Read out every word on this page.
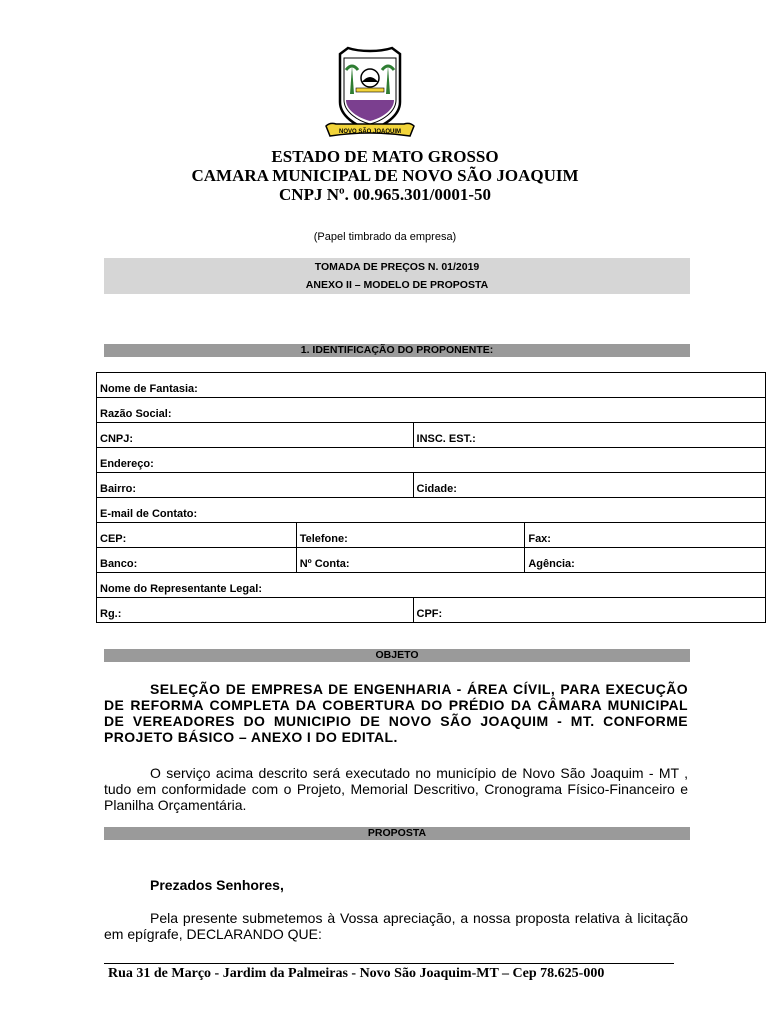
NOVO SÃO JOAQUIM
ESTADO DE MATO GROSSO
CAMARA MUNICIPAL DE NOVO SÃO JOAQUIM
CNPJ Nº. 00.965.301/0001-50
(Papel timbrado da empresa)
TOMADA DE PREÇOS N. 01/2019
ANEXO II – MODELO DE PROPOSTA
1. IDENTIFICAÇÃO DO PROPONENTE:
Nome de Fantasia:			
Razão Social:			
CNPJ:		INSC. EST.:	
Endereço:			
Bairro:		Cidade:	
E-mail de Contato:			
CEP:	Telefone:		Fax:
Banco:	Nº Conta:		Agência:
Nome do Representante Legal:			
Rg.:		CPF:	
OBJETO
SELEÇÃO DE EMPRESA DE ENGENHARIA - ÁREA CÍVIL, PARA EXECUÇÃO DE REFORMA COMPLETA DA COBERTURA DO PRÉDIO DA CÂMARA MUNICIPAL DE VEREADORES DO MUNICIPIO DE NOVO SÃO JOAQUIM - MT. CONFORME PROJETO BÁSICO – ANEXO I DO EDITAL.
O serviço acima descrito será executado no município de Novo São Joaquim - MT , tudo em conformidade com o Projeto, Memorial Descritivo, Cronograma Físico-Financeiro e Planilha Orçamentária.
PROPOSTA
Prezados Senhores,
Pela presente submetemos à Vossa apreciação, a nossa proposta relativa à licitação em epígrafe, DECLARANDO QUE:
Rua 31 de Março - Jardim da Palmeiras - Novo São Joaquim-MT – Cep 78.625-000
